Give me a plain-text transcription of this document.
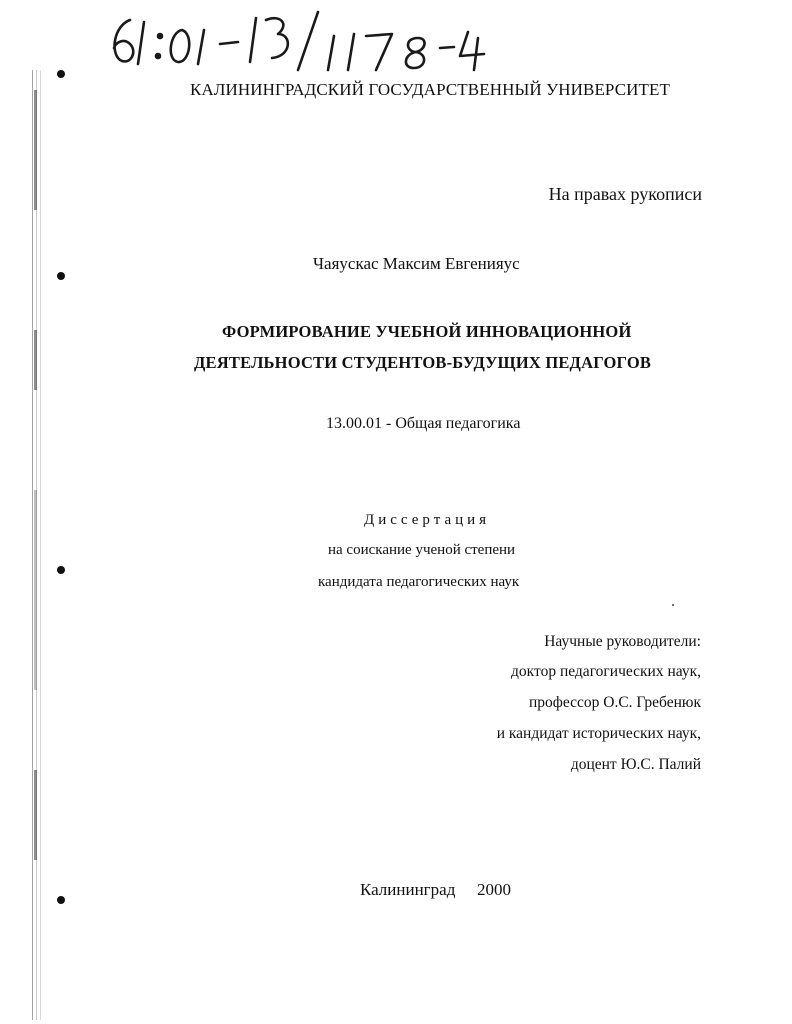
КАЛИНИНГРАДСКИЙ ГОСУДАРСТВЕННЫЙ УНИВЕРСИТЕТ
На правах рукописи
Чаяускас Максим Евгенияус
ФОРМИРОВАНИЕ УЧЕБНОЙ ИННОВАЦИОННОЙ
ДЕЯТЕЛЬНОСТИ СТУДЕНТОВ-БУДУЩИХ ПЕДАГОГОВ
13.00.01 - Общая педагогика
Диссертация
на соискание ученой степени
кандидата педагогических наук
Научные руководители:
доктор педагогических наук,
профессор О.С. Гребенюк
и кандидат исторических наук,
доцент Ю.С. Палий
Калининград 2000
